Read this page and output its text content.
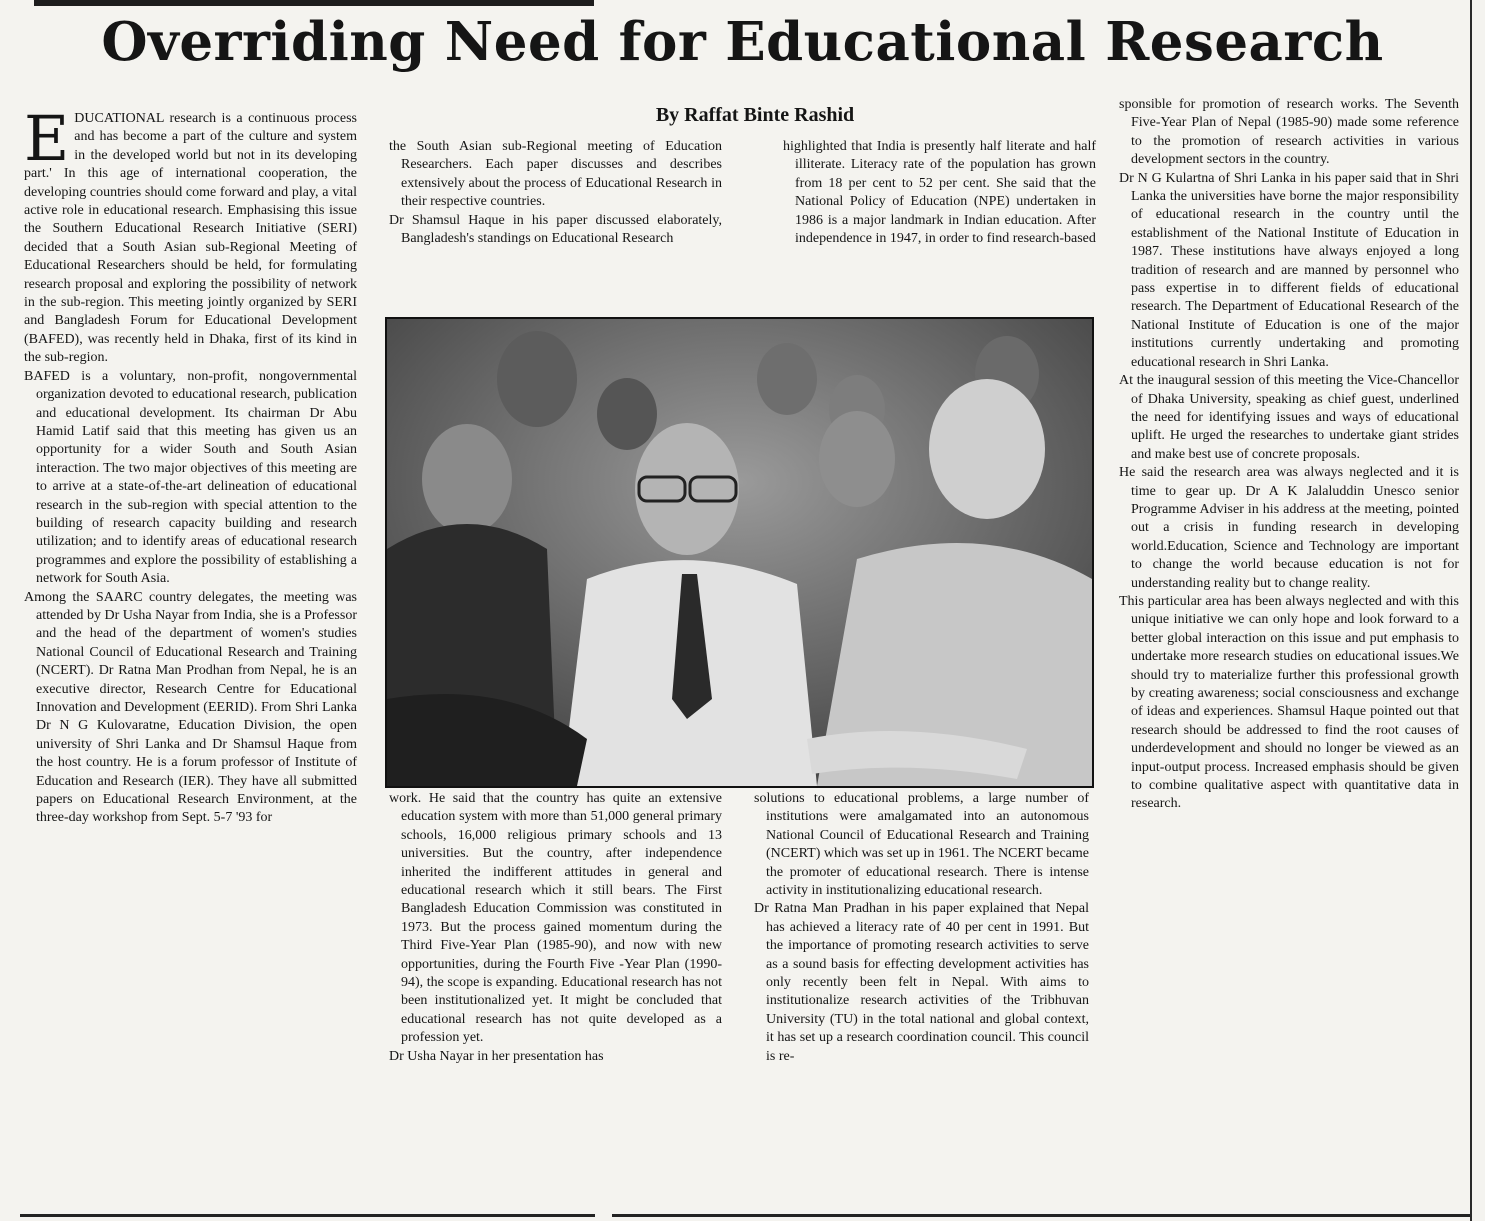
Overriding Need for Educational Research
By Raffat Binte Rashid

EDUCATIONAL research is a continuous process and has become a part of the culture and system in the developed world but not in its developing part.' In this age of international cooperation, the developing countries should come forward and play, a vital active role in educational research. Emphasising this issue the Southern Educational Research Initiative (SERI) decided that a South Asian sub-Regional Meeting of Educational Researchers should be held, for formulating research proposal and exploring the possibility of network in the sub-region. This meeting jointly organized by SERI and Bangladesh Forum for Educational Development (BAFED), was recently held in Dhaka, first of its kind in the sub-region.

BAFED is a voluntary, non-profit, nongovernmental organization devoted to educational research, publication and educational development. Its chairman Dr Abu Hamid Latif said that this meeting has given us an opportunity for a wider South and South Asian interaction. The two major objectives of this meeting are to arrive at a state-of-the-art delineation of educational research in the sub-region with special attention to the building of research capacity building and research utilization; and to identify areas of educational research programmes and explore the possibility of establishing a network for South Asia.

Among the SAARC country delegates, the meeting was attended by Dr Usha Nayar from India, she is a Professor and the head of the department of women's studies National Council of Educational Research and Training (NCERT). Dr Ratna Man Prodhan from Nepal, he is an executive director, Research Centre for Educational Innovation and Development (EERID). From Shri Lanka Dr N G Kulovaratne, Education Division, the open university of Shri Lanka and Dr Shamsul Haque from the host country. He is a forum professor of Institute of Education and Research (IER). They have all submitted papers on Educational Research Environment, at the three-day workshop from Sept. 5-7 '93 for

the South Asian sub-Regional meeting of Education Researchers. Each paper discusses and describes extensively about the process of Educational Research in their respective countries.

Dr Shamsul Haque in his paper discussed elaborately, Bangladesh's standings on Educational Research

highlighted that India is presently half literate and half illiterate. Literacy rate of the population has grown from 18 per cent to 52 per cent. She said that the National Policy of Education (NPE) undertaken in 1986 is a major landmark in Indian education. After independence in 1947, in order to find research-based

work. He said that the country has quite an extensive education system with more than 51,000 general primary schools, 16,000 religious primary schools and 13 universities. But the country, after independence inherited the indifferent attitudes in general and educational research which it still bears. The First Bangladesh Education Commission was constituted in 1973. But the process gained momentum during the Third Five-Year Plan (1985-90), and now with new opportunities, during the Fourth Five -Year Plan (1990-94), the scope is expanding. Educational research has not been institutionalized yet. It might be concluded that educational research has not quite developed as a profession yet.

Dr Usha Nayar in her presentation has

solutions to educational problems, a large number of institutions were amalgamated into an autonomous National Council of Educational Research and Training (NCERT) which was set up in 1961. The NCERT became the promoter of educational research. There is intense activity in institutionalizing educational research.

Dr Ratna Man Pradhan in his paper explained that Nepal has achieved a literacy rate of 40 per cent in 1991. But the importance of promoting research activities to serve as a sound basis for effecting development activities has only recently been felt in Nepal. With aims to institutionalize research activities of the Tribhuvan University (TU) in the total national and global context, it has set up a research coordination council. This council is re-

sponsible for promotion of research works. The Seventh Five-Year Plan of Nepal (1985-90) made some reference to the promotion of research activities in various development sectors in the country.

Dr N G Kulartna of Shri Lanka in his paper said that in Shri Lanka the universities have borne the major responsibility of educational research in the country until the establishment of the National Institute of Education in 1987. These institutions have always enjoyed a long tradition of research and are manned by personnel who pass expertise in to different fields of educational research. The Department of Educational Research of the National Institute of Education is one of the major institutions currently undertaking and promoting educational research in Shri Lanka.

At the inaugural session of this meeting the Vice-Chancellor of Dhaka University, speaking as chief guest, underlined the need for identifying issues and ways of educational uplift. He urged the researches to undertake giant strides and make best use of concrete proposals.

He said the research area was always neglected and it is time to gear up. Dr A K Jalaluddin Unesco senior Programme Adviser in his address at the meeting, pointed out a crisis in funding research in developing world.Education, Science and Technology are important to change the world because education is not for understanding reality but to change reality.

This particular area has been always neglected and with this unique initiative we can only hope and look forward to a better global interaction on this issue and put emphasis to undertake more research studies on educational issues.We should try to materialize further this professional growth by creating awareness; social consciousness and exchange of ideas and experiences. Shamsul Haque pointed out that research should be addressed to find the root causes of underdevelopment and should no longer be viewed as an input-output process. Increased emphasis should be given to combine qualitative aspect with quantitative data in research.
